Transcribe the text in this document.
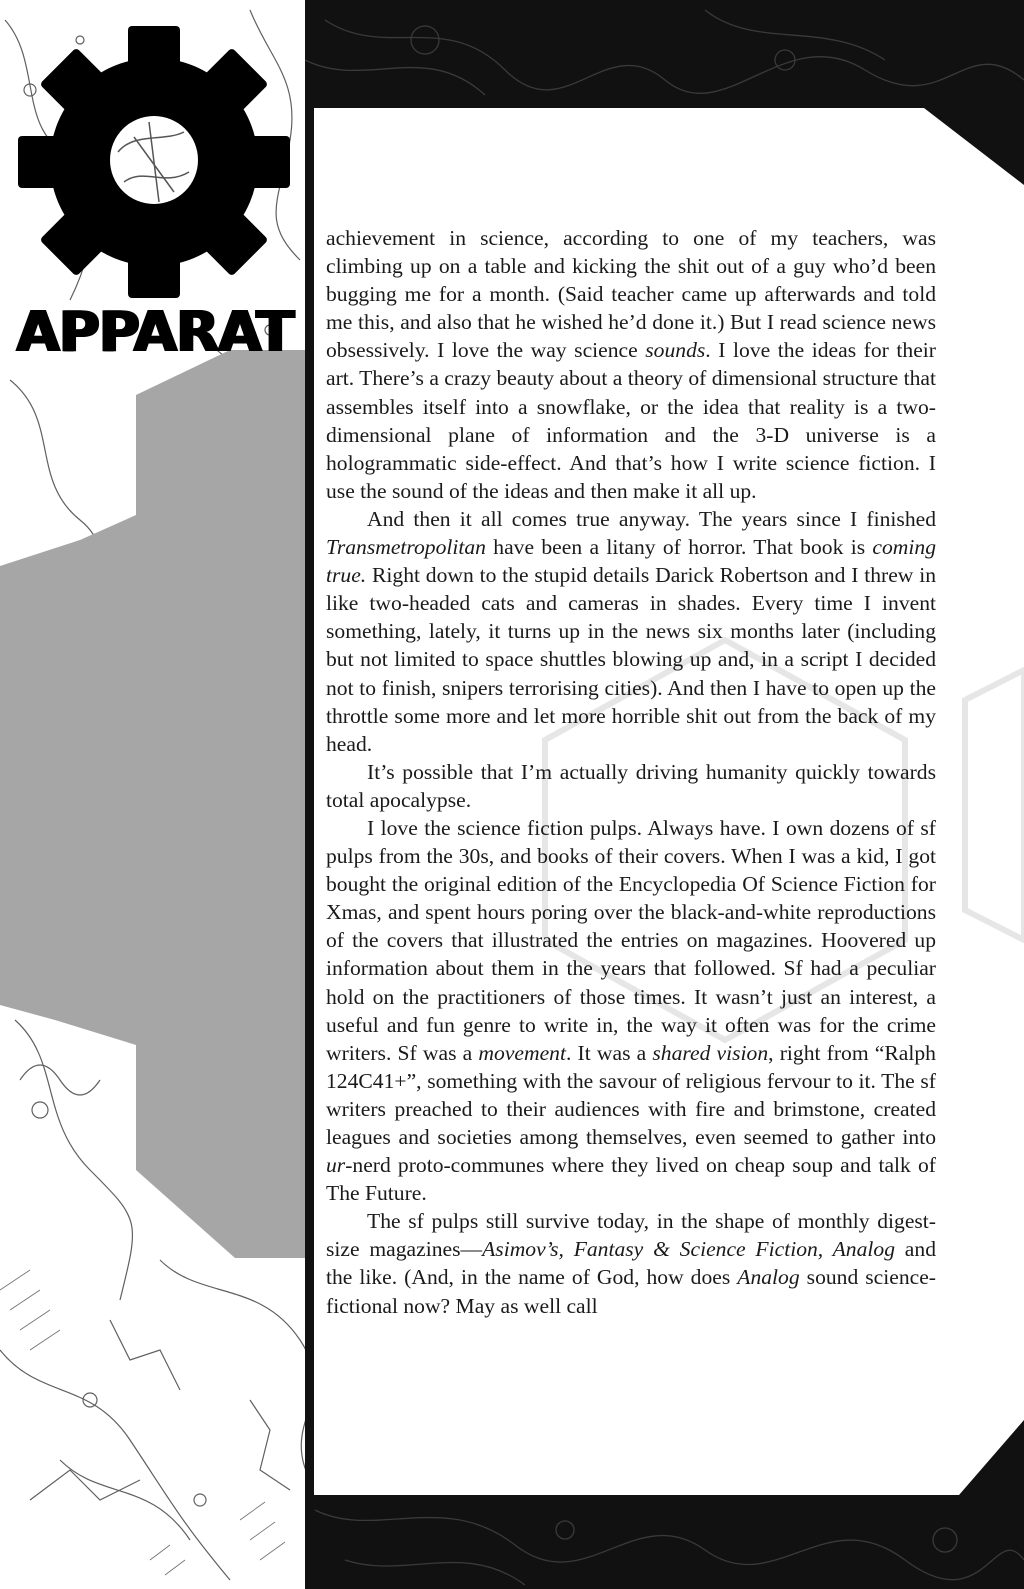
APPARAT

achievement in science, according to one of my teachers, was climbing up on a table and kicking the shit out of a guy who’d been bugging me for a month. (Said teacher came up afterwards and told me this, and also that he wished he’d done it.) But I read science news obsessively. I love the way science sounds. I love the ideas for their art. There’s a crazy beauty about a theory of dimensional structure that assembles itself into a snowflake, or the idea that reality is a two-dimensional plane of information and the 3-D universe is a hologrammatic side-effect. And that’s how I write science fiction. I use the sound of the ideas and then make it all up.

And then it all comes true anyway. The years since I finished Transmetropolitan have been a litany of horror. That book is coming true. Right down to the stupid details Darick Robertson and I threw in like two-headed cats and cameras in shades. Every time I invent something, lately, it turns up in the news six months later (including but not limited to space shuttles blowing up and, in a script I decided not to finish, snipers terrorising cities). And then I have to open up the throttle some more and let more horrible shit out from the back of my head.

It’s possible that I’m actually driving humanity quickly towards total apocalypse.

I love the science fiction pulps. Always have. I own dozens of sf pulps from the 30s, and books of their covers. When I was a kid, I got bought the original edition of the Encyclopedia Of Science Fiction for Xmas, and spent hours poring over the black-and-white reproductions of the covers that illustrated the entries on magazines. Hoovered up information about them in the years that followed. Sf had a peculiar hold on the practitioners of those times. It wasn’t just an interest, a useful and fun genre to write in, the way it often was for the crime writers. Sf was a movement. It was a shared vision, right from “Ralph 124C41+”, something with the savour of religious fervour to it. The sf writers preached to their audiences with fire and brimstone, created leagues and societies among themselves, even seemed to gather into ur-nerd proto-communes where they lived on cheap soup and talk of The Future.

The sf pulps still survive today, in the shape of monthly digest-size magazines—Asimov’s, Fantasy & Science Fiction, Analog and the like. (And, in the name of God, how does Analog sound science-fictional now? May as well call
